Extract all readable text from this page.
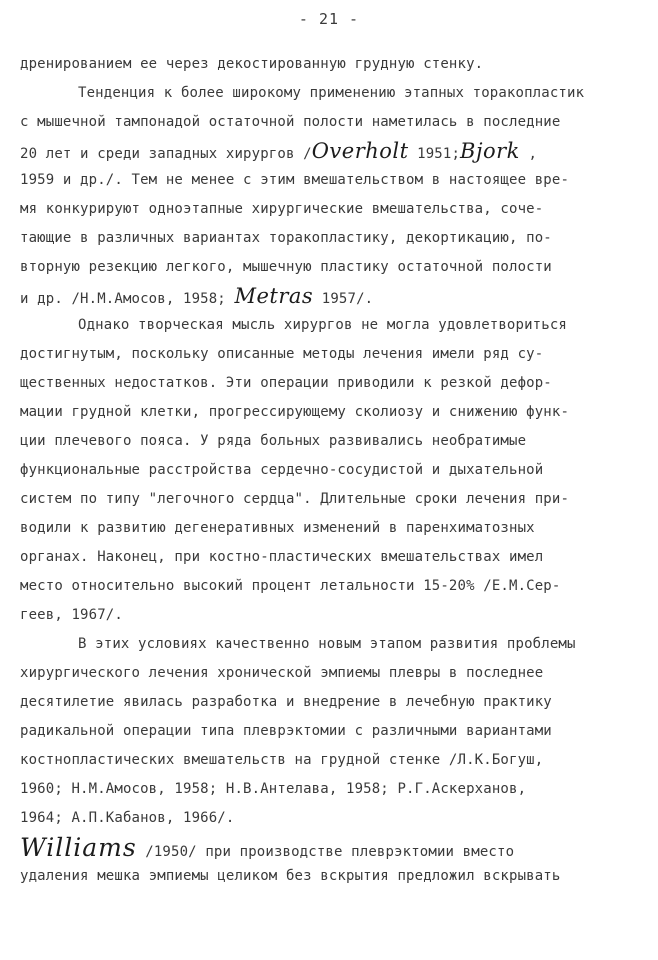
- 21 -
дренированием ее через декостированную грудную стенку.
Тенденция к более широкому применению этапных торакопластик
с мышечной тампонадой остаточной полости наметилась в последние
20 лет и среди западных хирургов /Overholt 1951;Bjork ,
1959 и др./. Тем не менее с этим вмешательством в настоящее вре-
мя конкурируют одноэтапные хирургические вмешательства, соче-
тающие в различных вариантах торакопластику, декортикацию, по-
вторную резекцию легкого, мышечную пластику остаточной полости
и др. /Н.М.Амосов, 1958; Metras 1957/.
Однако творческая мысль хирургов не могла удовлетвориться
достигнутым, поскольку описанные методы лечения имели ряд су-
щественных недостатков. Эти операции приводили к резкой дефор-
мации грудной клетки, прогрессирующему сколиозу и снижению функ-
ции плечевого пояса. У ряда больных развивались необратимые
функциональные расстройства сердечно-сосудистой и дыхательной
систем по типу "легочного сердца". Длительные сроки лечения при-
водили к развитию дегенеративных изменений в паренхиматозных
органах. Наконец, при костно-пластических вмешательствах имел
место относительно высокий процент летальности 15-20% /Е.М.Сер-
геев, 1967/.
В этих условиях качественно новым этапом развития проблемы
хирургического лечения хронической эмпиемы плевры в последнее
десятилетие явилась разработка и внедрение в лечебную практику
радикальной операции типа плеврэктомии с различными вариантами
костнопластических вмешательств на грудной стенке /Л.К.Богуш,
1960; Н.М.Амосов, 1958; Н.В.Антелава, 1958; Р.Г.Аскерханов,
1964; А.П.Кабанов, 1966/.
Williams /1950/ при производстве плеврэктомии вместо
удаления мешка эмпиемы целиком без вскрытия предложил вскрывать
